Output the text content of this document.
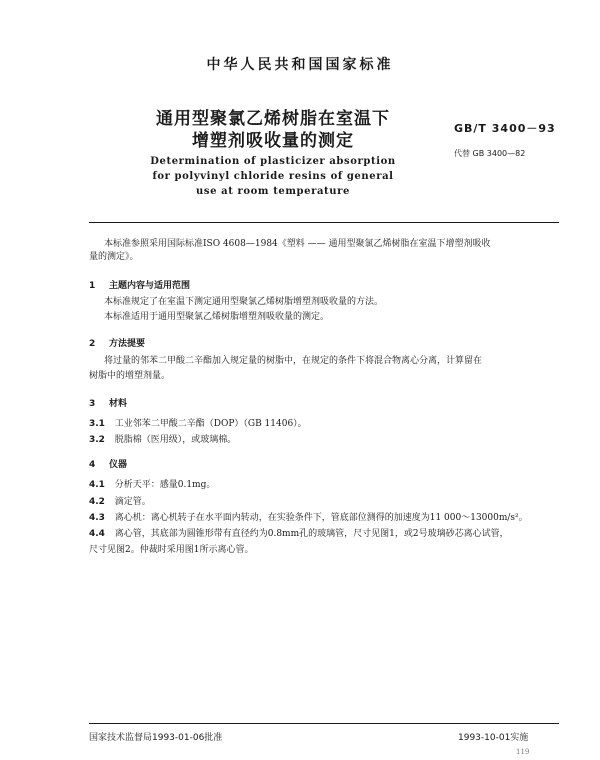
中华人民共和国国家标准
通用型聚氯乙烯树脂在室温下
增塑剂吸收量的测定
GB/T 3400－93
代替 GB 3400—82
Determination of plasticizer absorption
for polyvinyl chloride resins of general
use at room temperature
本标准参照采用国际标准ISO 4608—1984《塑料 —— 通用型聚氯乙烯树脂在室温下增塑剂吸收
量的测定》。
1 主题内容与适用范围
本标准规定了在室温下测定通用型聚氯乙烯树脂增塑剂吸收量的方法。
本标准适用于通用型聚氯乙烯树脂增塑剂吸收量的测定。
2 方法提要
将过量的邻苯二甲酸二辛酯加入规定量的树脂中，在规定的条件下将混合物离心分离，计算留在
树脂中的增塑剂量。
3 材料
3.1 工业邻苯二甲酸二辛酯（DOP）（GB 11406）。
3.2 脱脂棉（医用级），或玻璃棉。
4 仪器
4.1 分析天平：感量0.1mg。
4.2 滴定管。
4.3 离心机：离心机转子在水平面内转动，在实验条件下，管底部位测得的加速度为11 000～13000m/s²。
4.4 离心管，其底部为圆锥形带有直径约为0.8mm孔的玻璃管，尺寸见图1，或2号玻璃砂芯离心试管，
尺寸见图2。仲裁时采用图1所示离心管。
国家技术监督局1993-01-06批准	1993-10-01实施
119
